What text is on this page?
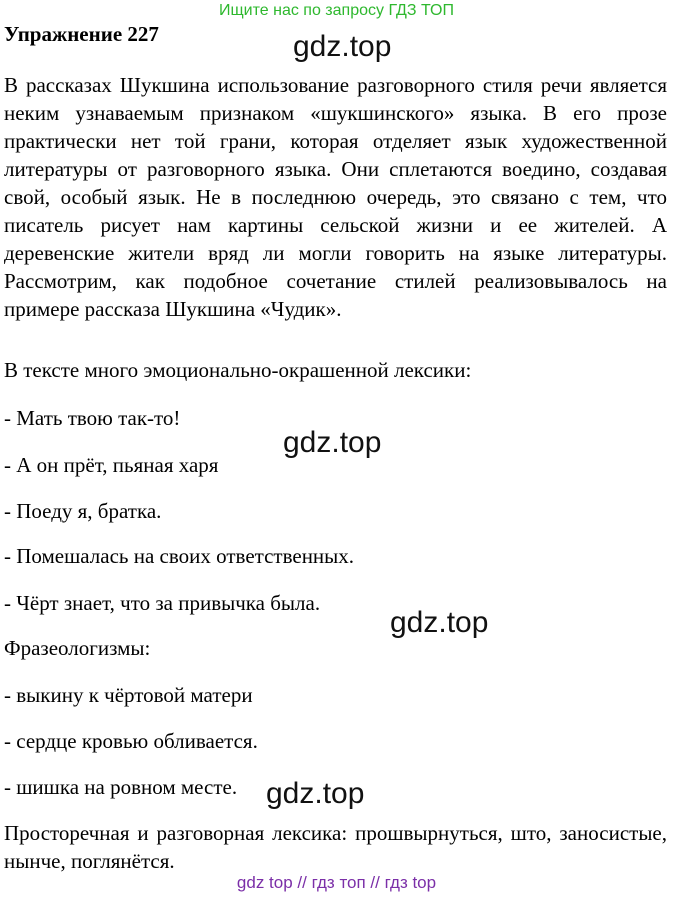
Ищите нас по запросу ГДЗ ТОП
Упражнение 227	gdz.top
gdz.top
gdz.top
gdz.top
В рассказах Шукшина использование разговорного стиля речи является неким узнаваемым признаком «шукшинского» языка. В его прозе практически нет той грани, которая отделяет язык художественной литературы от разговорного языка. Они сплетаются воедино, создавая свой, особый язык. Не в последнюю очередь, это связано с тем, что писатель рисует нам картины сельской жизни и ее жителей. А деревенские жители вряд ли могли говорить на языке литературы. Рассмотрим, как подобное сочетание стилей реализовывалось на примере рассказа Шукшина «Чудик».
В тексте много эмоционально-окрашенной лексики:
- Мать твою так-то!
- А он прёт, пьяная харя
- Поеду я, братка.
- Помешалась на своих ответственных.
- Чёрт знает, что за привычка была.
Фразеологизмы:
- выкину к чёртовой матери
- сердце кровью обливается.
- шишка на ровном месте.
Просторечная и разговорная лексика: прошвырнуться, што, заносистые, нынче, поглянётся.
gdz top // гдз топ // гдз top
